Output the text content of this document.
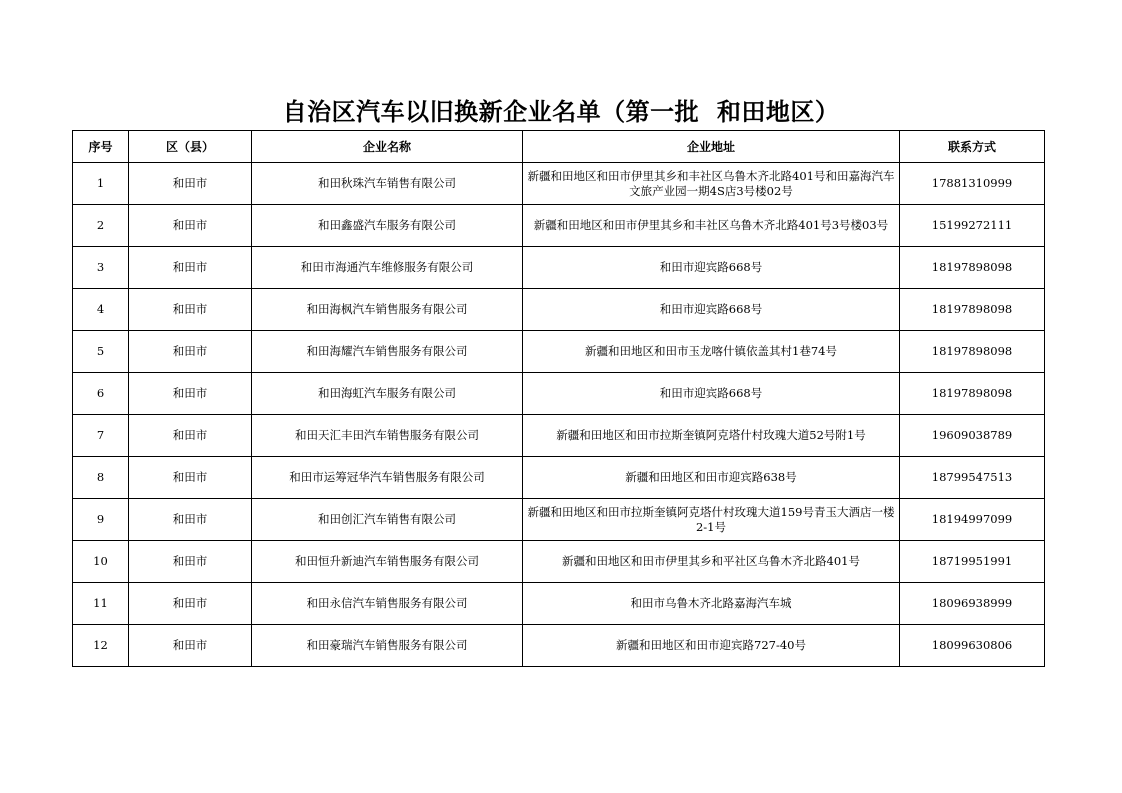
自治区汽车以旧换新企业名单（第一批  和田地区）
序号	区（县）	企业名称	企业地址	联系方式
1	和田市	和田秋珠汽车销售有限公司	新疆和田地区和田市伊里其乡和丰社区乌鲁木齐北路401号和田嘉海汽车文旅产业园一期4S店3号楼02号	17881310999
2	和田市	和田鑫盛汽车服务有限公司	新疆和田地区和田市伊里其乡和丰社区乌鲁木齐北路401号3号楼03号	15199272111
3	和田市	和田市海通汽车维修服务有限公司	和田市迎宾路668号	18197898098
4	和田市	和田海枫汽车销售服务有限公司	和田市迎宾路668号	18197898098
5	和田市	和田海耀汽车销售服务有限公司	新疆和田地区和田市玉龙喀什镇依盖其村1巷74号	18197898098
6	和田市	和田海虹汽车服务有限公司	和田市迎宾路668号	18197898098
7	和田市	和田天汇丰田汽车销售服务有限公司	新疆和田地区和田市拉斯奎镇阿克塔什村玫瑰大道52号附1号	19609038789
8	和田市	和田市运筹冠华汽车销售服务有限公司	新疆和田地区和田市迎宾路638号	18799547513
9	和田市	和田创汇汽车销售有限公司	新疆和田地区和田市拉斯奎镇阿克塔什村玫瑰大道159号青玉大酒店一楼2-1号	18194997099
10	和田市	和田恒升新迪汽车销售服务有限公司	新疆和田地区和田市伊里其乡和平社区乌鲁木齐北路401号	18719951991
11	和田市	和田永信汽车销售服务有限公司	和田市乌鲁木齐北路嘉海汽车城	18096938999
12	和田市	和田豪瑞汽车销售服务有限公司	新疆和田地区和田市迎宾路727-40号	18099630806
